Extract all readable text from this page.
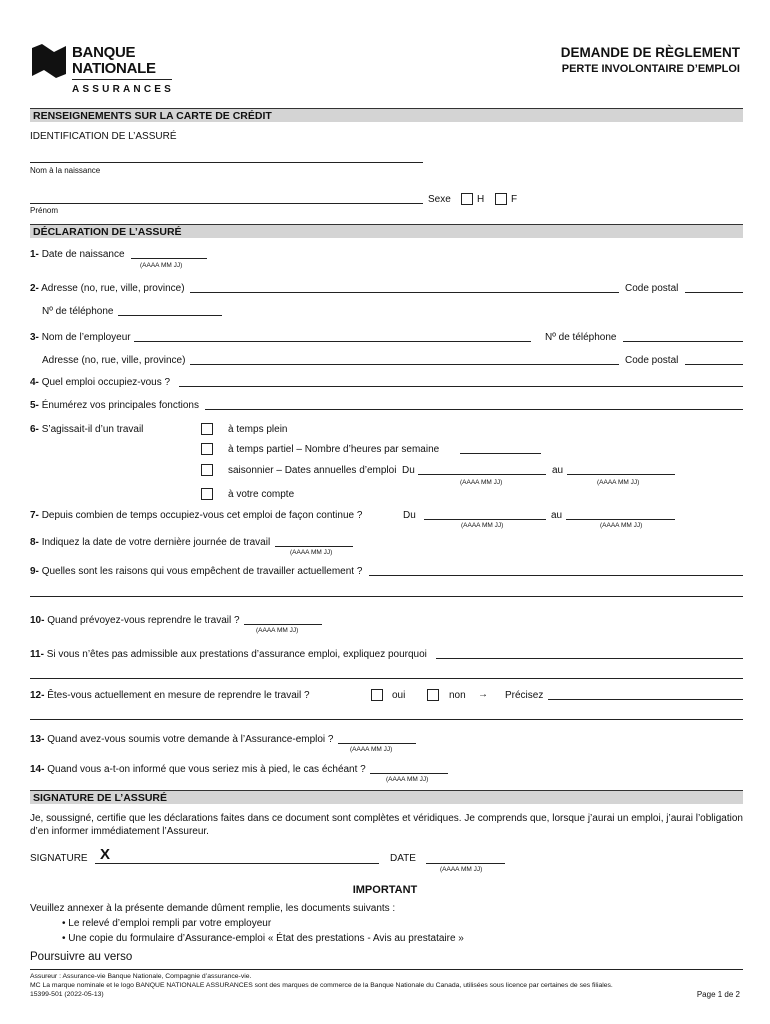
BANQUE
NATIONALE
ASSURANCES
DEMANDE DE RÈGLEMENT
PERTE INVOLONTAIRE D’EMPLOI
RENSEIGNEMENTS SUR LA CARTE DE CRÉDIT
IDENTIFICATION DE L’ASSURÉ
Nom à la naissance
Sexe	H	F
Prénom
DÉCLARATION DE L’ASSURÉ
1- Date de naissance
(AAAA MM JJ)
2- Adresse (no, rue, ville, province)	Code postal
Nº de téléphone
3- Nom de l’employeur	Nº de téléphone
Adresse (no, rue, ville, province)	Code postal
4- Quel emploi occupiez-vous ?
5- Énumérez vos principales fonctions
6- S’agissait-il d’un travail	à temps plein
à temps partiel – Nombre d’heures par semaine
saisonnier – Dates annuelles d’emploi Du	au
(AAAA MM JJ)	(AAAA MM JJ)
à votre compte
7- Depuis combien de temps occupiez-vous cet emploi de façon continue ?	Du	au
(AAAA MM JJ)	(AAAA MM JJ)
8- Indiquez la date de votre dernière journée de travail
(AAAA MM JJ)
9- Quelles sont les raisons qui vous empêchent de travailler actuellement ?
10- Quand prévoyez-vous reprendre le travail ?
(AAAA MM JJ)
11- Si vous n’êtes pas admissible aux prestations d’assurance emploi, expliquez pourquoi
12- Êtes-vous actuellement en mesure de reprendre le travail ?	oui	non → Précisez
13- Quand avez-vous soumis votre demande à l’Assurance-emploi ?
(AAAA MM JJ)
14- Quand vous a-t-on informé que vous seriez mis à pied, le cas échéant ?
(AAAA MM JJ)
SIGNATURE DE L’ASSURÉ
Je, soussigné, certifie que les déclarations faites dans ce document sont complètes et véridiques. Je comprends que, lorsque j’aurai un emploi, j’aurai l’obligation d’en informer immédiatement l’Assureur.
SIGNATURE X	DATE
(AAAA MM JJ)
IMPORTANT
Veuillez annexer à la présente demande dûment remplie, les documents suivants :
• Le relevé d’emploi rempli par votre employeur
• Une copie du formulaire d’Assurance-emploi « État des prestations - Avis au prestataire »
Poursuivre au verso
Assureur : Assurance-vie Banque Nationale, Compagnie d’assurance-vie.
MC La marque nominale et le logo BANQUE NATIONALE ASSURANCES sont des marques de commerce de la Banque Nationale du Canada, utilisées sous licence par certaines de ses filiales.
15399-501 (2022-05-13)	Page 1 de 2
